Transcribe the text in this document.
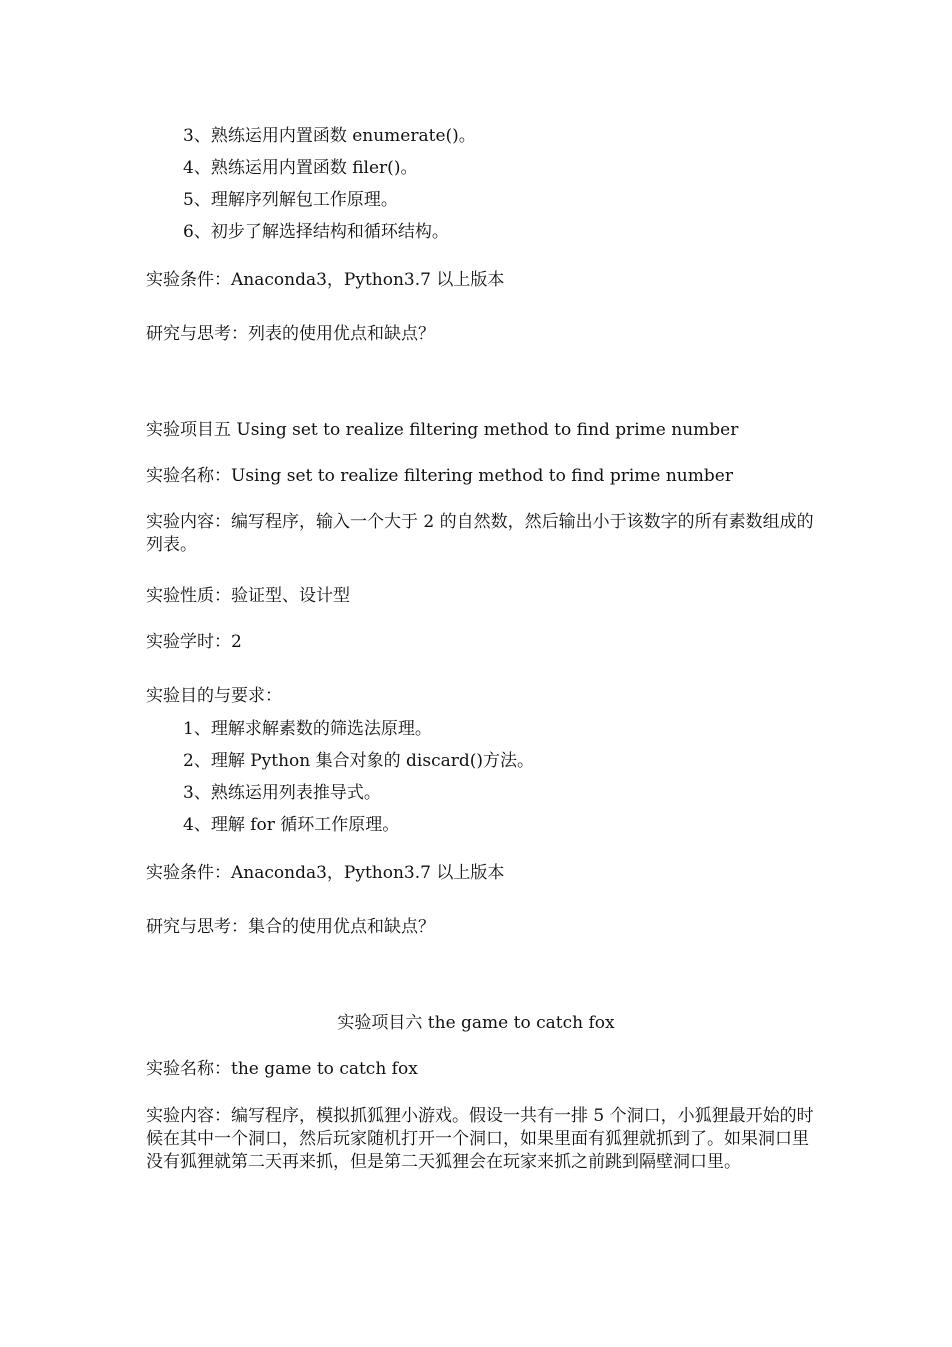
3、熟练运用内置函数 enumerate()。
4、熟练运用内置函数 filer()。
5、理解序列解包工作原理。
6、初步了解选择结构和循环结构。
实验条件：Anaconda3，Python3.7 以上版本
研究与思考：列表的使用优点和缺点？
实验项目五 Using set to realize filtering method to find prime number
实验名称：Using set to realize filtering method to find prime number
实验内容：编写程序，输入一个大于 2 的自然数，然后输出小于该数字的所有素数组成的列表。
实验性质：验证型、设计型
实验学时：2
实验目的与要求：
1、理解求解素数的筛选法原理。
2、理解 Python 集合对象的 discard()方法。
3、熟练运用列表推导式。
4、理解 for 循环工作原理。
实验条件：Anaconda3，Python3.7 以上版本
研究与思考：集合的使用优点和缺点？
实验项目六 the game to catch fox
实验名称：the game to catch fox
实验内容：编写程序，模拟抓狐狸小游戏。假设一共有一排 5 个洞口，小狐狸最开始的时候在其中一个洞口，然后玩家随机打开一个洞口，如果里面有狐狸就抓到了。如果洞口里没有狐狸就第二天再来抓，但是第二天狐狸会在玩家来抓之前跳到隔壁洞口里。
